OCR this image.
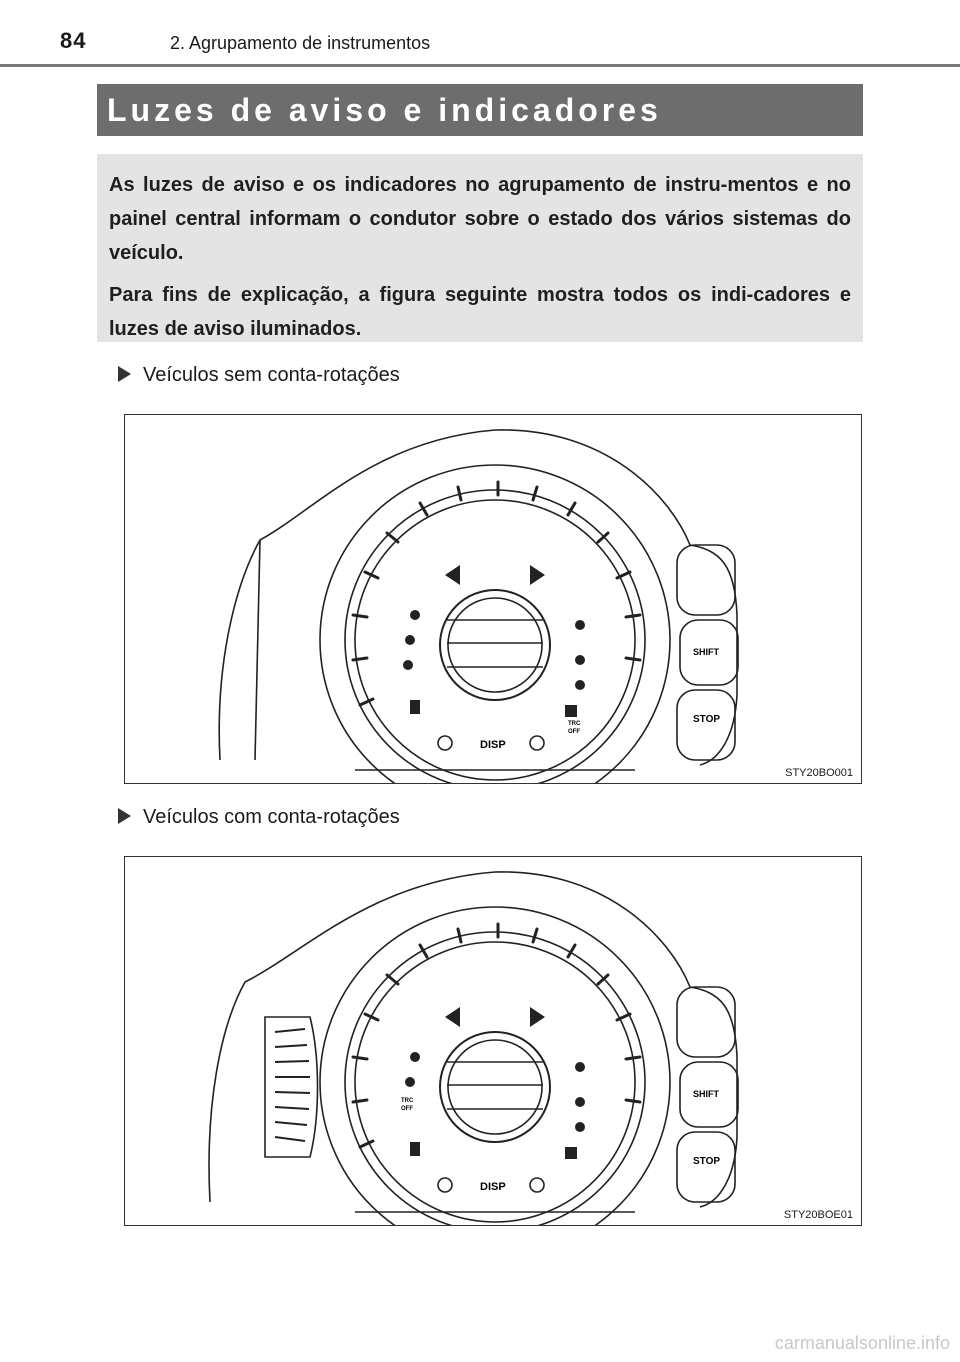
84	2. Agrupamento de instrumentos
Luzes de aviso e indicadores

As luzes de aviso e os indicadores no agrupamento de instru-mentos e no painel central informam o condutor sobre o estado dos vários sistemas do veículo.

Para fins de explicação, a figura seguinte mostra todos os indi-cadores e luzes de aviso iluminados.

Veículos sem conta-rotações
DISP
SHIFT
STOP
TRC
OFF
STY20BO001
Veículos com conta-rotações
DISP
SHIFT
STOP
TRC
OFF
STY20BOE01
carmanualsonline.info
